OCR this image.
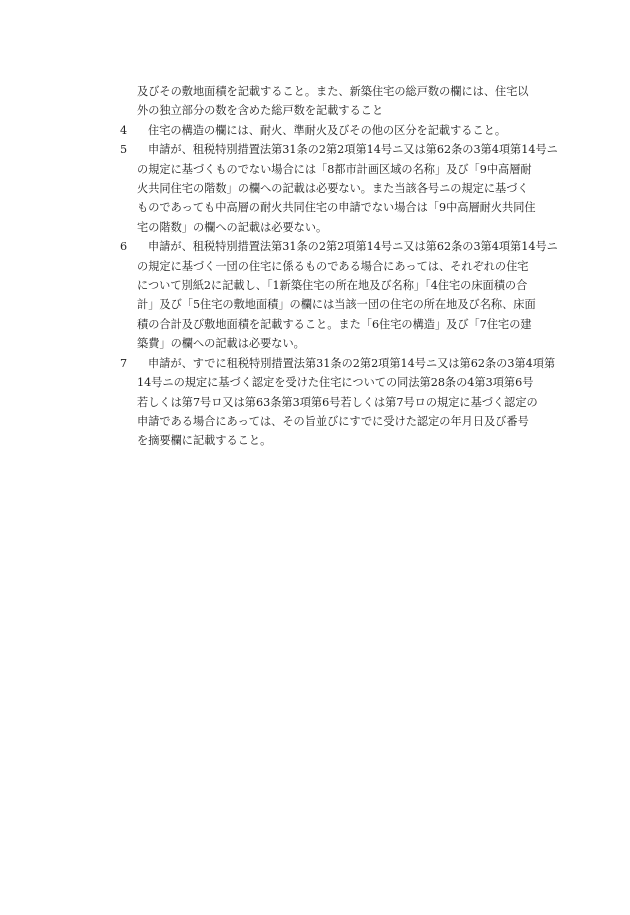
及びその敷地面積を記載すること。また、新築住宅の総戸数の欄には、住宅以
外の独立部分の数を含めた総戸数を記載すること
4	住宅の構造の欄には、耐火、準耐火及びその他の区分を記載すること。
5	申請が、租税特別措置法第31条の2第2項第14号ニ又は第62条の3第4項第14号ニ
の規定に基づくものでない場合には「8都市計画区域の名称」及び「9中高層耐
火共同住宅の階数」の欄への記載は必要ない。また当該各号ニの規定に基づく
ものであっても中高層の耐火共同住宅の申請でない場合は「9中高層耐火共同住
宅の階数」の欄への記載は必要ない。
6	申請が、租税特別措置法第31条の2第2項第14号ニ又は第62条の3第4項第14号ニ
の規定に基づく一団の住宅に係るものである場合にあっては、それぞれの住宅
について別紙2に記載し、「1新築住宅の所在地及び名称」「4住宅の床面積の合
計」及び「5住宅の敷地面積」の欄には当該一団の住宅の所在地及び名称、床面
積の合計及び敷地面積を記載すること。また「6住宅の構造」及び「7住宅の建
築費」の欄への記載は必要ない。
7	申請が、すでに租税特別措置法第31条の2第2項第14号ニ又は第62条の3第4項第
14号ニの規定に基づく認定を受けた住宅についての同法第28条の4第3項第6号
若しくは第7号ロ又は第63条第3項第6号若しくは第7号ロの規定に基づく認定の
申請である場合にあっては、その旨並びにすでに受けた認定の年月日及び番号
を摘要欄に記載すること。
